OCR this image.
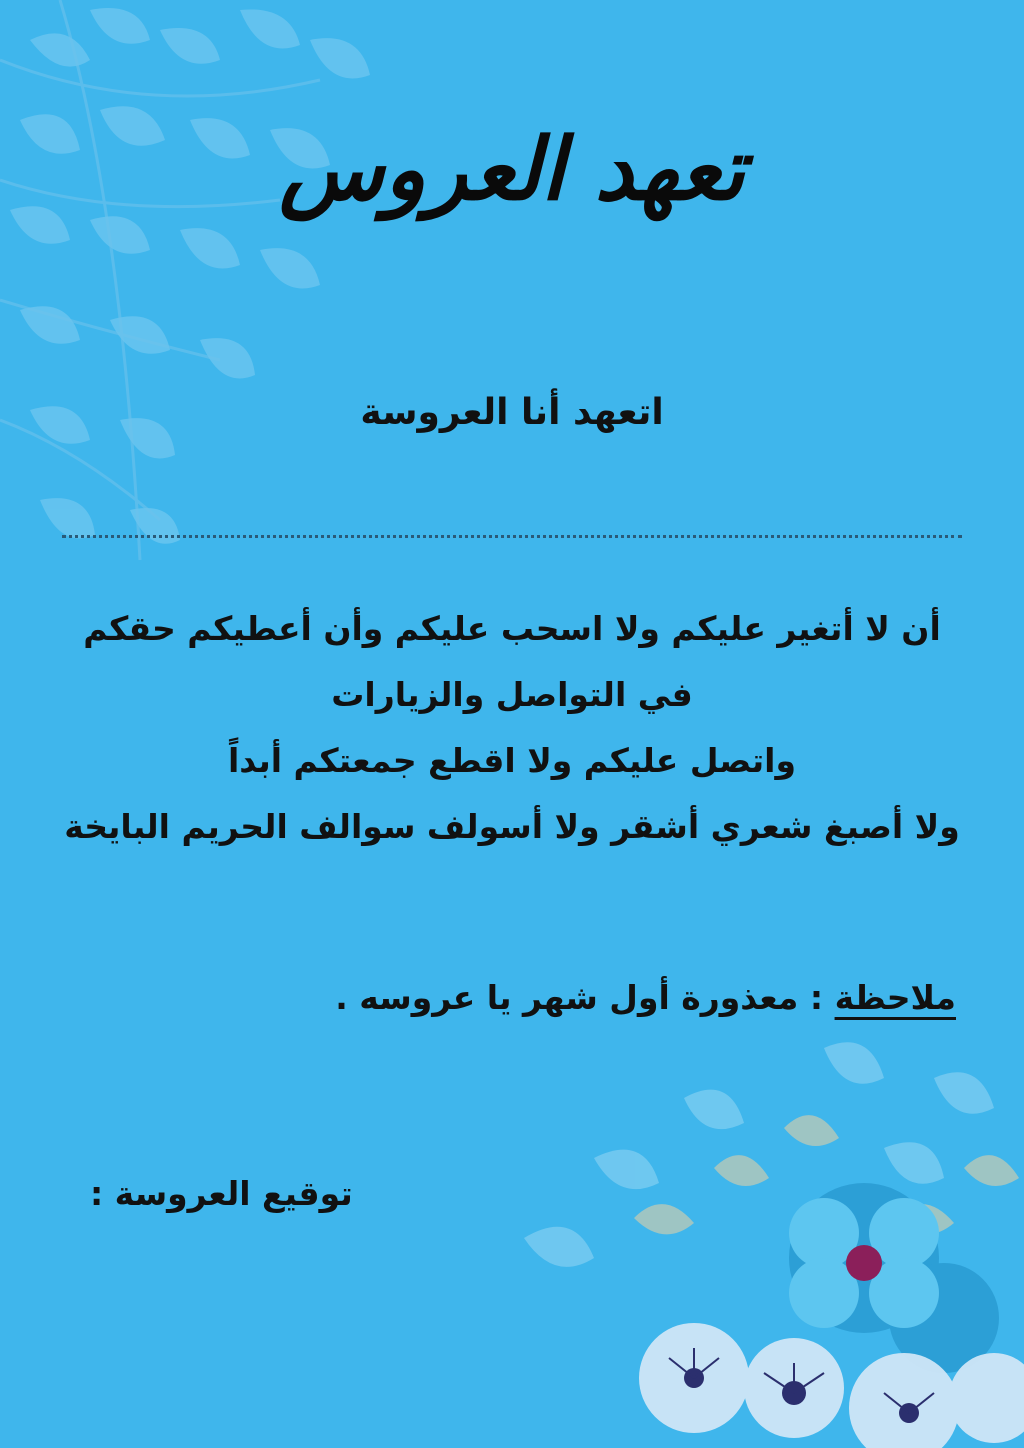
تعهد العروس
اتعهد أنا العروسة
أن لا أتغير عليكم ولا اسحب عليكم وأن أعطيكم حقكم
في التواصل والزيارات
واتصل عليكم ولا اقطع جمعتكم أبداً
ولا أصبغ شعري أشقر ولا أسولف سوالف الحريم البايخة
ملاحظة : معذورة أول شهر يا عروسه .
توقيع العروسة :
